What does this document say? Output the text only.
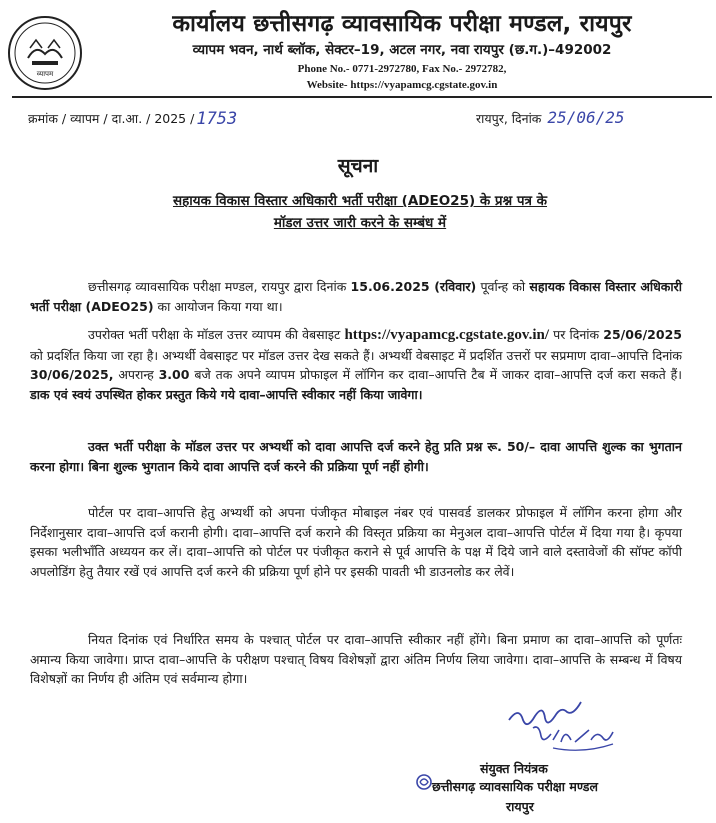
व्यापम
कार्यालय छत्तीसगढ़ व्यावसायिक परीक्षा मण्डल, रायपुर
व्यापम भवन, नार्थ ब्लॉक, सेक्टर–19, अटल नगर, नवा रायपुर (छ.ग.)–492002
Phone No.- 0771-2972780, Fax No.- 2972782,
Website- https://vyapamcg.cgstate.gov.in
क्रमांक / व्यापम / दा.आ. / 2025 / 1753	रायपुर, दिनांक 25/06/25
सूचना
सहायक विकास विस्तार अधिकारी भर्ती परीक्षा (ADEO25) के प्रश्न पत्र के
मॉडल उत्तर जारी करने के सम्बंध में
छत्तीसगढ़ व्यावसायिक परीक्षा मण्डल, रायपुर द्वारा दिनांक 15.06.2025 (रविवार) पूर्वान्ह को सहायक विकास विस्तार अधिकारी भर्ती परीक्षा (ADEO25) का आयोजन किया गया था।
उपरोक्त भर्ती परीक्षा के मॉडल उत्तर व्यापम की वेबसाइट https://vyapamcg.cgstate.gov.in/ पर दिनांक 25/06/2025 को प्रदर्शित किया जा रहा है। अभ्यर्थी वेबसाइट पर मॉडल उत्तर देख सकते हैं। अभ्यर्थी वेबसाइट में प्रदर्शित उत्तरों पर सप्रमाण दावा–आपत्ति दिनांक 30/06/2025, अपरान्ह 3.00 बजे तक अपने व्यापम प्रोफाइल में लॉगिन कर दावा–आपत्ति टैब में जाकर दावा–आपत्ति दर्ज करा सकते हैं। डाक एवं स्वयं उपस्थित होकर प्रस्तुत किये गये दावा–आपत्ति स्वीकार नहीं किया जावेगा।
उक्त भर्ती परीक्षा के मॉडल उत्तर पर अभ्यर्थी को दावा आपत्ति दर्ज करने हेतु प्रति प्रश्न रू. 50/– दावा आपत्ति शुल्क का भुगतान करना होगा। बिना शुल्क भुगतान किये दावा आपत्ति दर्ज करने की प्रक्रिया पूर्ण नहीं होगी।
पोर्टल पर दावा–आपत्ति हेतु अभ्यर्थी को अपना पंजीकृत मोबाइल नंबर एवं पासवर्ड डालकर प्रोफाइल में लॉगिन करना होगा और निर्देशानुसार दावा–आपत्ति दर्ज करानी होगी। दावा–आपत्ति दर्ज कराने की विस्तृत प्रक्रिया का मेनुअल दावा–आपत्ति पोर्टल में दिया गया है। कृपया इसका भलीभाँति अध्ययन कर लें। दावा–आपत्ति को पोर्टल पर पंजीकृत कराने से पूर्व आपत्ति के पक्ष में दिये जाने वाले दस्तावेजों की सॉफ्ट कॉपी अपलोडिंग हेतु तैयार रखें एवं आपत्ति दर्ज करने की प्रक्रिया पूर्ण होने पर इसकी पावती भी डाउनलोड कर लेवें।
नियत दिनांक एवं निर्धारित समय के पश्चात् पोर्टल पर दावा–आपत्ति स्वीकार नहीं होंगे। बिना प्रमाण का दावा–आपत्ति को पूर्णतः अमान्य किया जावेगा। प्राप्त दावा–आपत्ति के परीक्षण पश्चात् विषय विशेषज्ञों द्वारा अंतिम निर्णय लिया जावेगा। दावा–आपत्ति के सम्बन्ध में विषय विशेषज्ञों का निर्णय ही अंतिम एवं सर्वमान्य होगा।
संयुक्त नियंत्रक
छत्तीसगढ़ व्यावसायिक परीक्षा मण्डल
रायपुर
